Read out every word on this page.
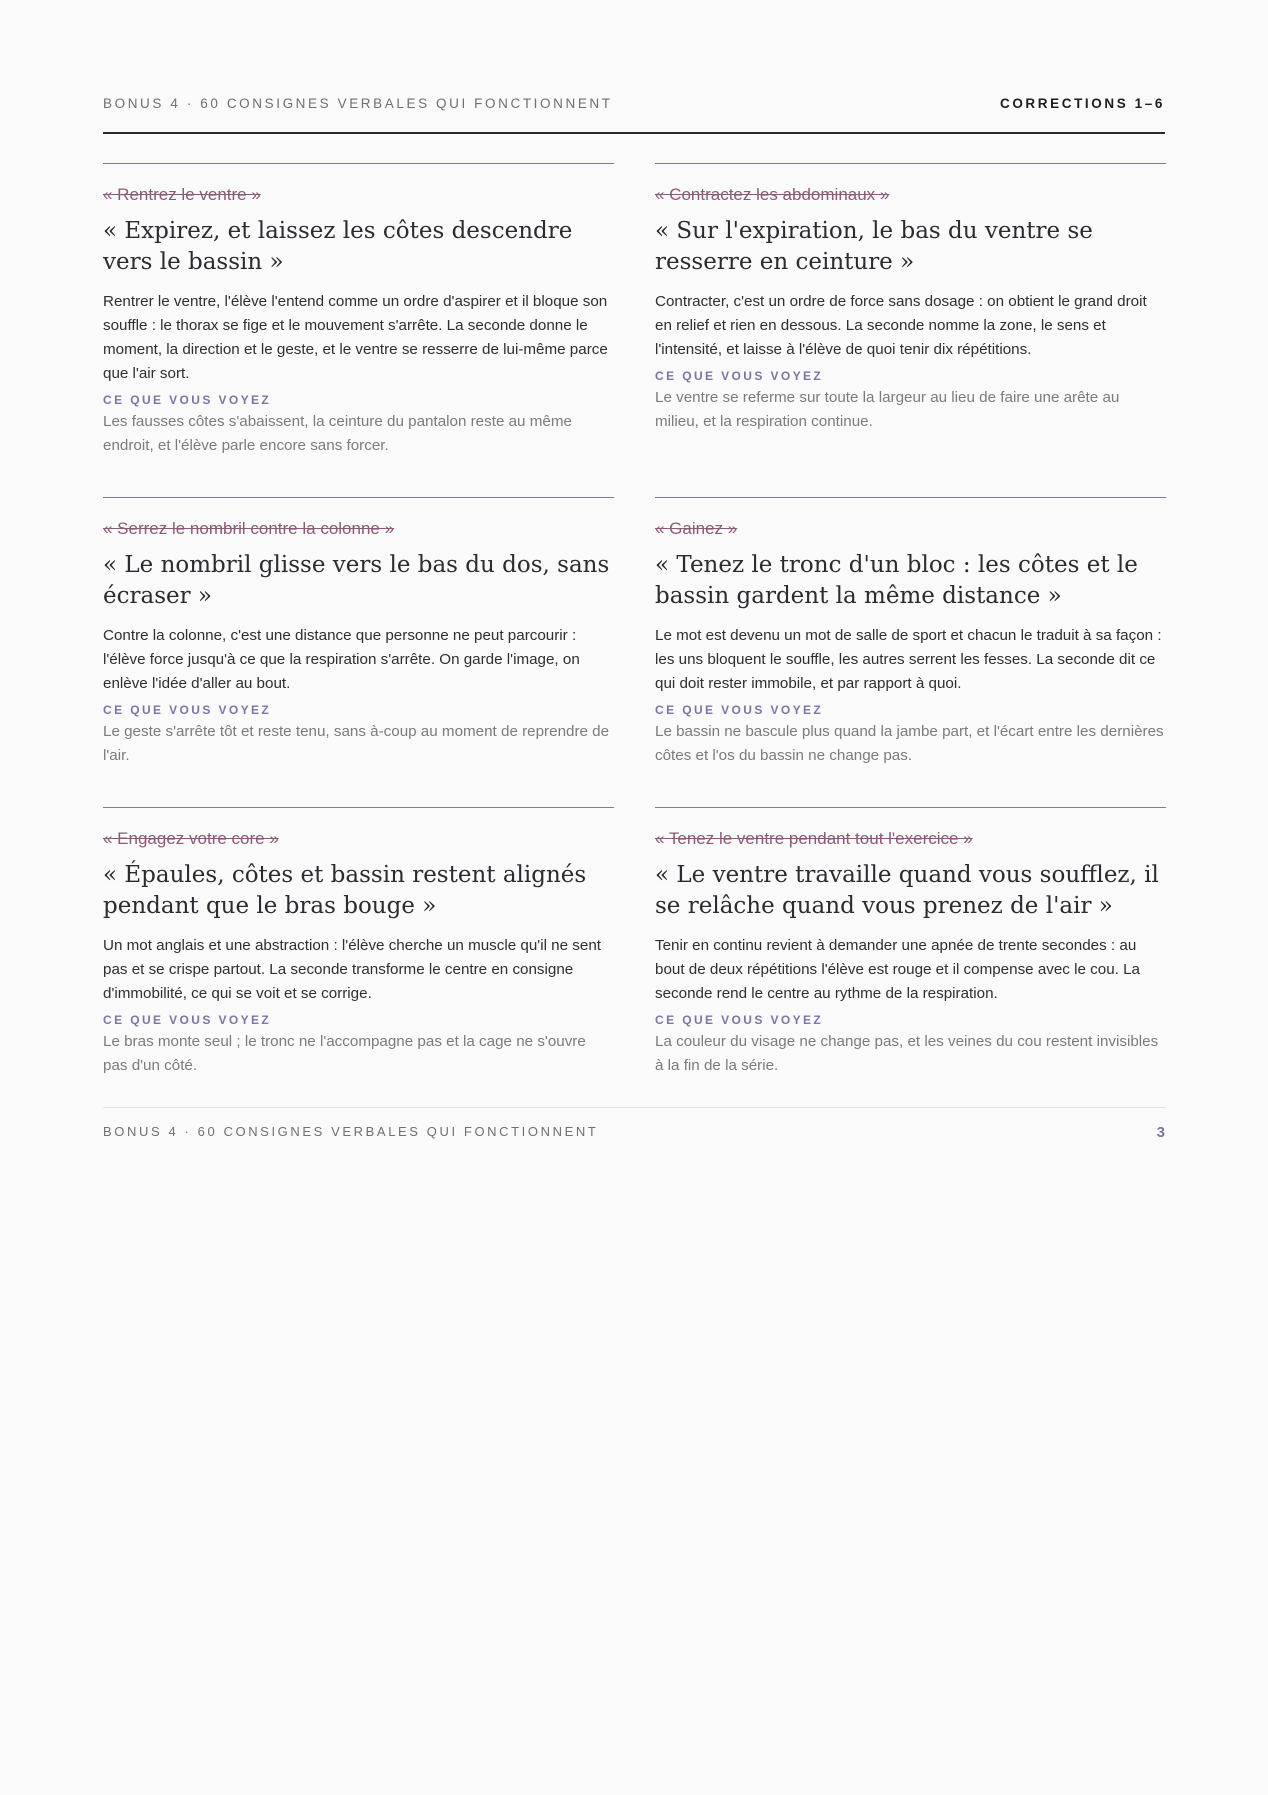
BONUS 4 · 60 CONSIGNES VERBALES QUI FONCTIONNENT	CORRECTIONS 1–6
« Rentrez le ventre »
« Expirez, et laissez les côtes descendre vers le bassin »

Rentrer le ventre, l'élève l'entend comme un ordre d'aspirer et il bloque son souffle : le thorax se fige et le mouvement s'arrête. La seconde donne le moment, la direction et le geste, et le ventre se resserre de lui-même parce que l'air sort.

CE QUE VOUS VOYEZ

Les fausses côtes s'abaissent, la ceinture du pantalon reste au même endroit, et l'élève parle encore sans forcer.

« Contractez les abdominaux »
« Sur l'expiration, le bas du ventre se resserre en ceinture »

Contracter, c'est un ordre de force sans dosage : on obtient le grand droit en relief et rien en dessous. La seconde nomme la zone, le sens et l'intensité, et laisse à l'élève de quoi tenir dix répétitions.

CE QUE VOUS VOYEZ

Le ventre se referme sur toute la largeur au lieu de faire une arête au milieu, et la respiration continue.

« Serrez le nombril contre la colonne »
« Le nombril glisse vers le bas du dos, sans écraser »

Contre la colonne, c'est une distance que personne ne peut parcourir : l'élève force jusqu'à ce que la respiration s'arrête. On garde l'image, on enlève l'idée d'aller au bout.

CE QUE VOUS VOYEZ

Le geste s'arrête tôt et reste tenu, sans à-coup au moment de reprendre de l'air.

« Gainez »
« Tenez le tronc d'un bloc : les côtes et le bassin gardent la même distance »

Le mot est devenu un mot de salle de sport et chacun le traduit à sa façon : les uns bloquent le souffle, les autres serrent les fesses. La seconde dit ce qui doit rester immobile, et par rapport à quoi.

CE QUE VOUS VOYEZ

Le bassin ne bascule plus quand la jambe part, et l'écart entre les dernières côtes et l'os du bassin ne change pas.

« Engagez votre core »
« Épaules, côtes et bassin restent alignés pendant que le bras bouge »

Un mot anglais et une abstraction : l'élève cherche un muscle qu'il ne sent pas et se crispe partout. La seconde transforme le centre en consigne d'immobilité, ce qui se voit et se corrige.

CE QUE VOUS VOYEZ

Le bras monte seul ; le tronc ne l'accompagne pas et la cage ne s'ouvre pas d'un côté.

« Tenez le ventre pendant tout l'exercice »
« Le ventre travaille quand vous soufflez, il se relâche quand vous prenez de l'air »

Tenir en continu revient à demander une apnée de trente secondes : au bout de deux répétitions l'élève est rouge et il compense avec le cou. La seconde rend le centre au rythme de la respiration.

CE QUE VOUS VOYEZ

La couleur du visage ne change pas, et les veines du cou restent invisibles à la fin de la série.

BONUS 4 · 60 CONSIGNES VERBALES QUI FONCTIONNENT	3
